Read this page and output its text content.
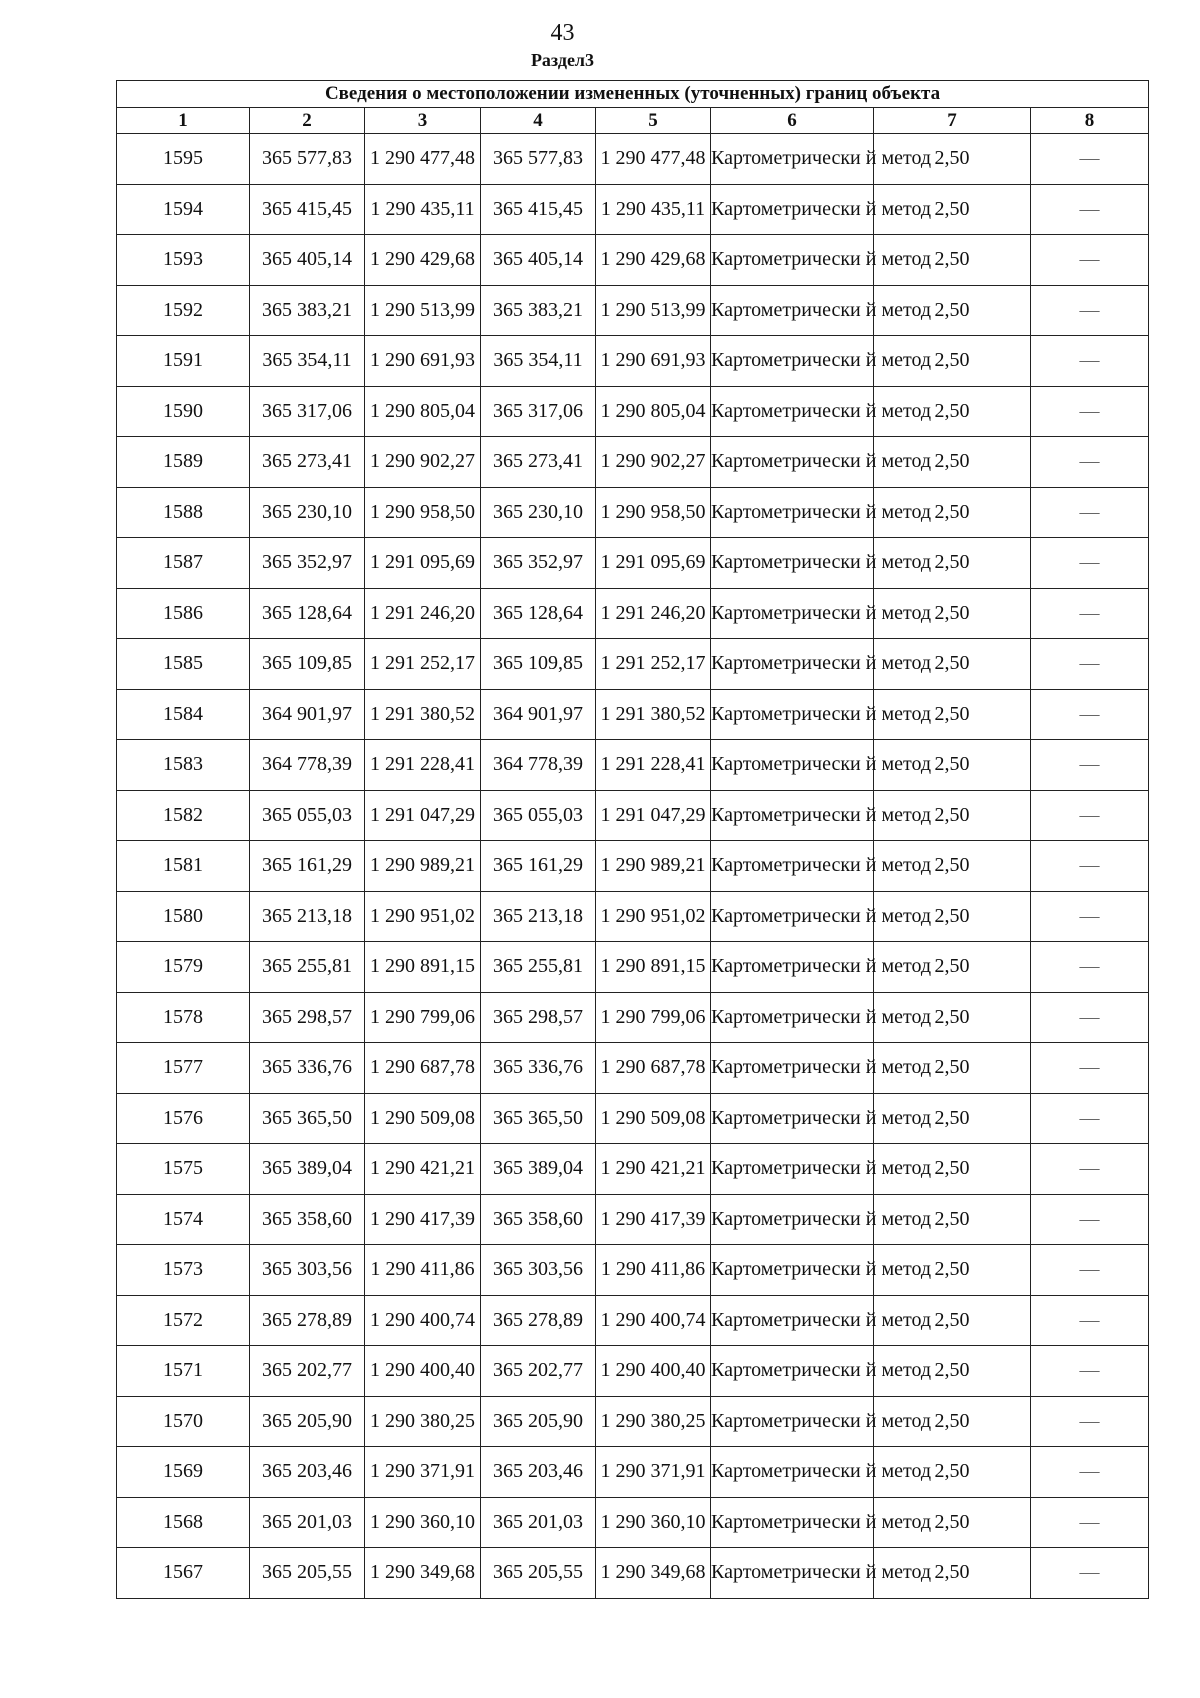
43
Раздел3
Сведения о местоположении измененных (уточненных) границ объекта							
1	2	3	4	5	6	7	8
1595	365 577,83	1 290 477,48	365 577,83	1 290 477,48	Картометрически й метод	2,50	—
1594	365 415,45	1 290 435,11	365 415,45	1 290 435,11	Картометрически й метод	2,50	—
1593	365 405,14	1 290 429,68	365 405,14	1 290 429,68	Картометрически й метод	2,50	—
1592	365 383,21	1 290 513,99	365 383,21	1 290 513,99	Картометрически й метод	2,50	—
1591	365 354,11	1 290 691,93	365 354,11	1 290 691,93	Картометрически й метод	2,50	—
1590	365 317,06	1 290 805,04	365 317,06	1 290 805,04	Картометрически й метод	2,50	—
1589	365 273,41	1 290 902,27	365 273,41	1 290 902,27	Картометрически й метод	2,50	—
1588	365 230,10	1 290 958,50	365 230,10	1 290 958,50	Картометрически й метод	2,50	—
1587	365 352,97	1 291 095,69	365 352,97	1 291 095,69	Картометрически й метод	2,50	—
1586	365 128,64	1 291 246,20	365 128,64	1 291 246,20	Картометрически й метод	2,50	—
1585	365 109,85	1 291 252,17	365 109,85	1 291 252,17	Картометрически й метод	2,50	—
1584	364 901,97	1 291 380,52	364 901,97	1 291 380,52	Картометрически й метод	2,50	—
1583	364 778,39	1 291 228,41	364 778,39	1 291 228,41	Картометрически й метод	2,50	—
1582	365 055,03	1 291 047,29	365 055,03	1 291 047,29	Картометрически й метод	2,50	—
1581	365 161,29	1 290 989,21	365 161,29	1 290 989,21	Картометрически й метод	2,50	—
1580	365 213,18	1 290 951,02	365 213,18	1 290 951,02	Картометрически й метод	2,50	—
1579	365 255,81	1 290 891,15	365 255,81	1 290 891,15	Картометрически й метод	2,50	—
1578	365 298,57	1 290 799,06	365 298,57	1 290 799,06	Картометрически й метод	2,50	—
1577	365 336,76	1 290 687,78	365 336,76	1 290 687,78	Картометрически й метод	2,50	—
1576	365 365,50	1 290 509,08	365 365,50	1 290 509,08	Картометрически й метод	2,50	—
1575	365 389,04	1 290 421,21	365 389,04	1 290 421,21	Картометрически й метод	2,50	—
1574	365 358,60	1 290 417,39	365 358,60	1 290 417,39	Картометрически й метод	2,50	—
1573	365 303,56	1 290 411,86	365 303,56	1 290 411,86	Картометрически й метод	2,50	—
1572	365 278,89	1 290 400,74	365 278,89	1 290 400,74	Картометрически й метод	2,50	—
1571	365 202,77	1 290 400,40	365 202,77	1 290 400,40	Картометрически й метод	2,50	—
1570	365 205,90	1 290 380,25	365 205,90	1 290 380,25	Картометрически й метод	2,50	—
1569	365 203,46	1 290 371,91	365 203,46	1 290 371,91	Картометрически й метод	2,50	—
1568	365 201,03	1 290 360,10	365 201,03	1 290 360,10	Картометрически й метод	2,50	—
1567	365 205,55	1 290 349,68	365 205,55	1 290 349,68	Картометрически й метод	2,50	—
